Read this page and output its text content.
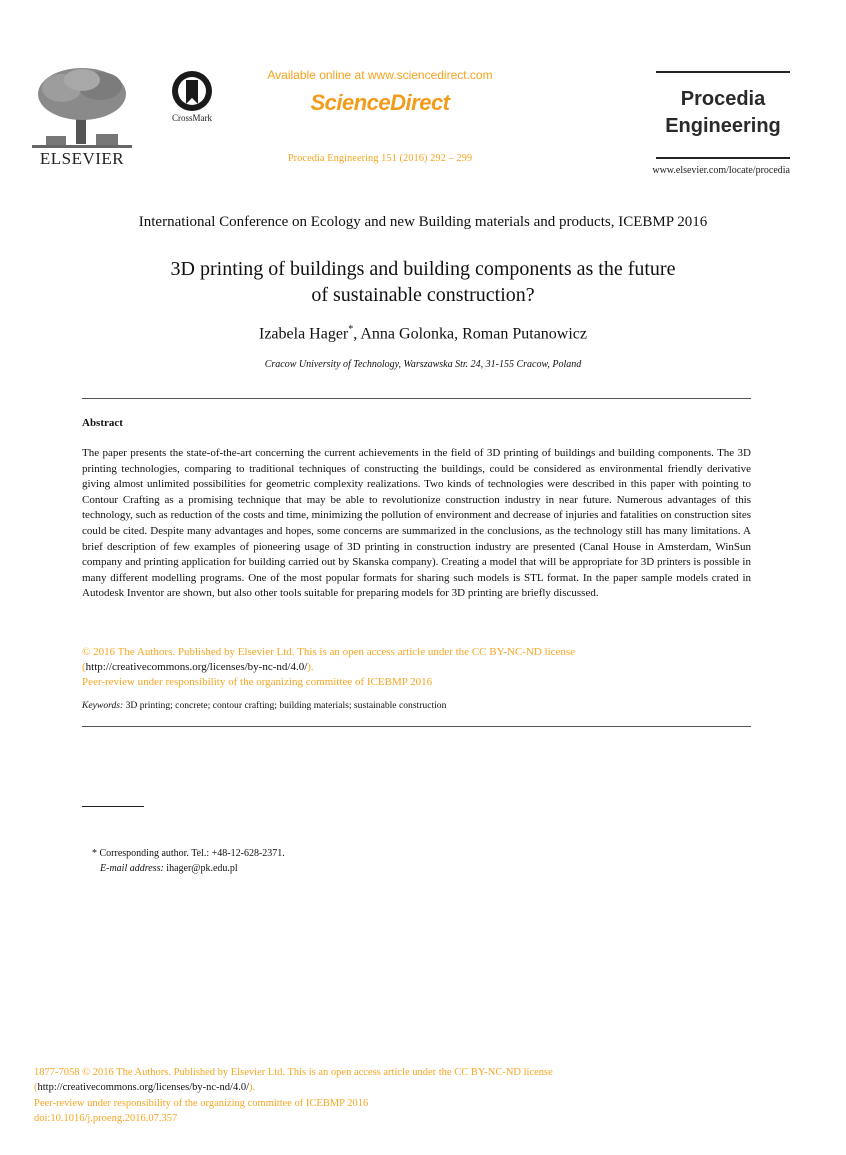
ELSEVIER
CrossMark
Available online at www.sciencedirect.com
ScienceDirect
Procedia Engineering 151 (2016) 292 – 299
Procedia
Engineering
www.elsevier.com/locate/procedia
International Conference on Ecology and new Building materials and products, ICEBMP 2016
3D printing of buildings and building components as the future
of sustainable construction?
Izabela Hager*, Anna Golonka, Roman Putanowicz
Cracow University of Technology, Warszawska Str. 24, 31-155 Cracow, Poland
Abstract
The paper presents the state-of-the-art concerning the current achievements in the field of 3D printing of buildings and building components. The 3D printing technologies, comparing to traditional techniques of constructing the buildings, could be considered as environmental friendly derivative giving almost unlimited possibilities for geometric complexity realizations. Two kinds of technologies were described in this paper with pointing to Contour Crafting as a promising technique that may be able to revolutionize construction industry in near future. Numerous advantages of this technology, such as reduction of the costs and time, minimizing the pollution of environment and decrease of injuries and fatalities on construction sites could be cited. Despite many advantages and hopes, some concerns are summarized in the conclusions, as the technology still has many limitations. A brief description of few examples of pioneering usage of 3D printing in construction industry are presented (Canal House in Amsterdam, WinSun company and printing application for building carried out by Skanska company). Creating a model that will be appropriate for 3D printers is possible in many different modelling programs. One of the most popular formats for sharing such models is STL format. In the paper sample models crated in Autodesk Inventor are shown, but also other tools suitable for preparing models for 3D printing are briefly discussed.
© 2016 The Authors. Published by Elsevier Ltd. This is an open access article under the CC BY-NC-ND license
(http://creativecommons.org/licenses/by-nc-nd/4.0/).
Peer-review under responsibility of the organizing committee of ICEBMP 2016
Keywords: 3D printing; concrete; contour crafting; building materials; sustainable construction
* Corresponding author. Tel.: +48-12-628-2371.
E-mail address: ihager@pk.edu.pl
1877-7058 © 2016 The Authors. Published by Elsevier Ltd. This is an open access article under the CC BY-NC-ND license
(http://creativecommons.org/licenses/by-nc-nd/4.0/).
Peer-review under responsibility of the organizing committee of ICEBMP 2016
doi:10.1016/j.proeng.2016.07.357
